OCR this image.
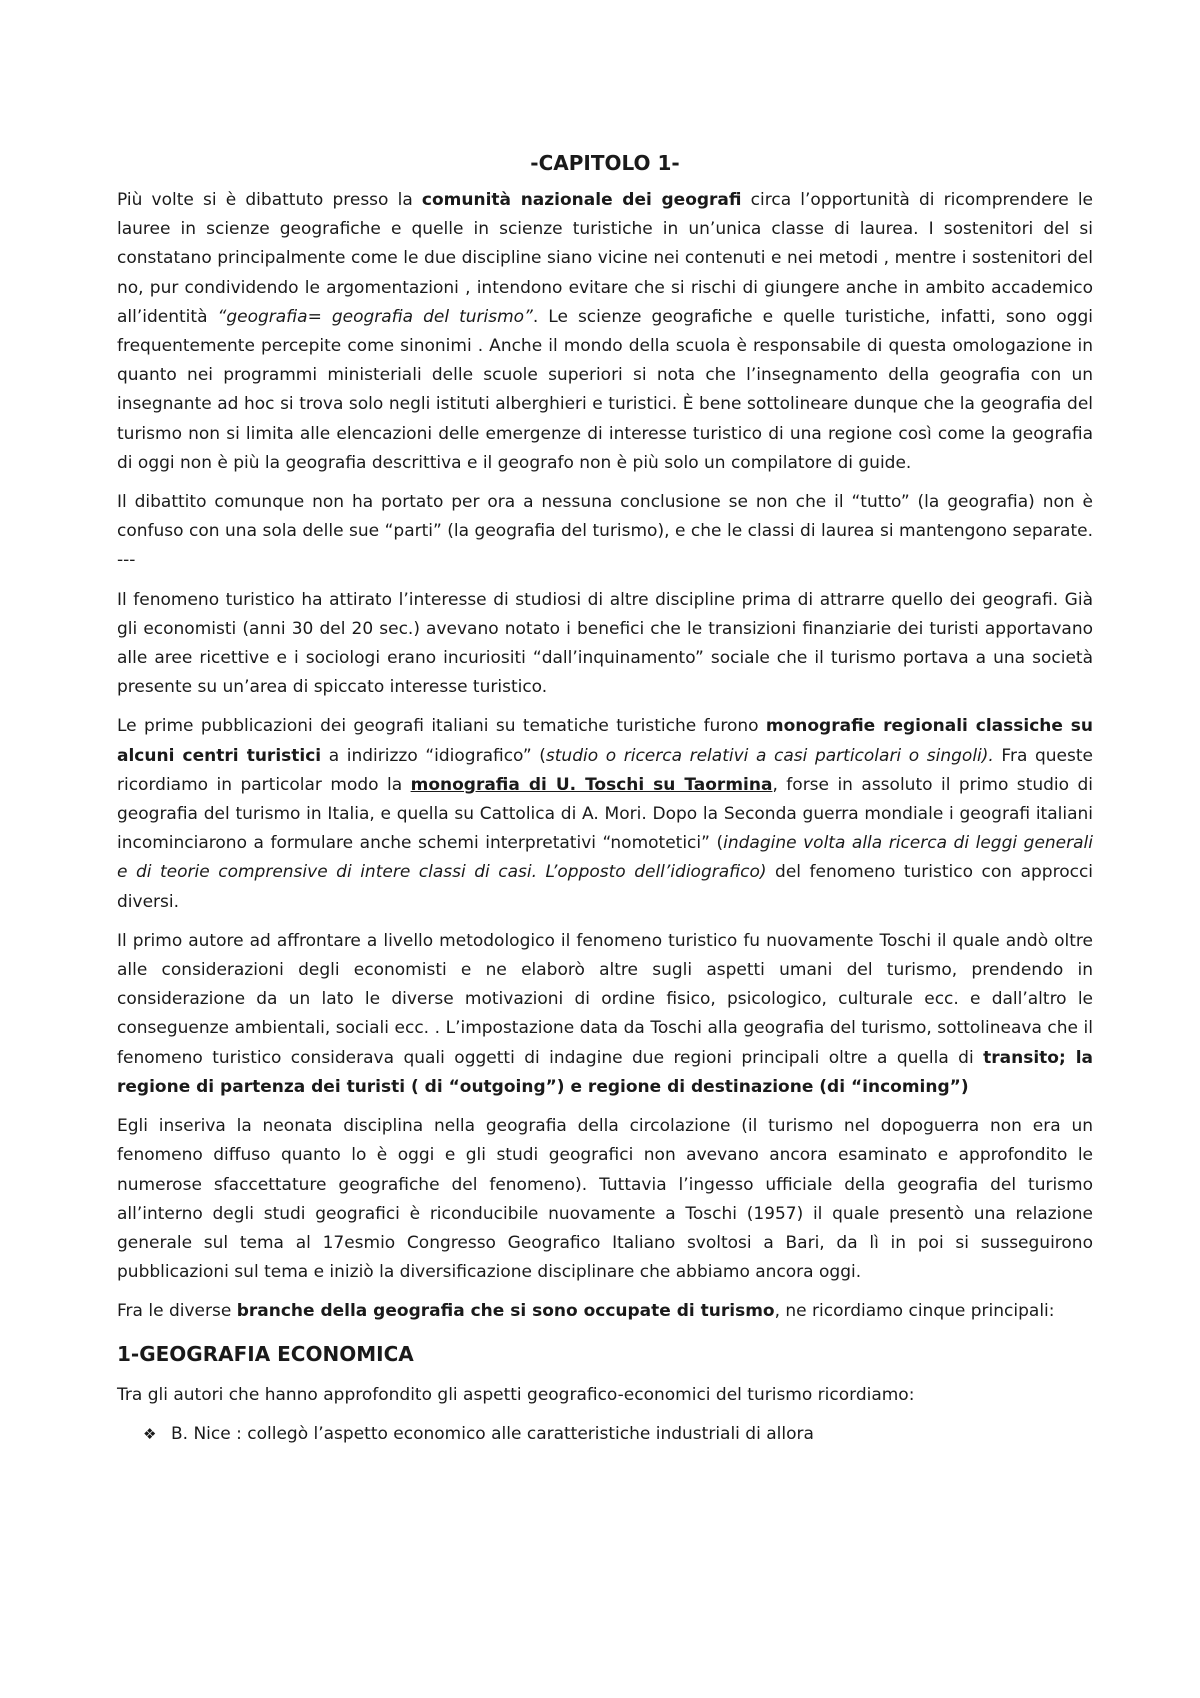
-CAPITOLO 1-
Più volte si è dibattuto presso la comunità nazionale dei geografi circa l’opportunità di ricomprendere le lauree in scienze geografiche e quelle in scienze turistiche in un’unica classe di laurea. I sostenitori del si constatano principalmente come le due discipline siano vicine nei contenuti e nei metodi , mentre i sostenitori del no, pur condividendo le argomentazioni , intendono evitare che si rischi di giungere anche in ambito accademico all’identità “geografia= geografia del turismo”. Le scienze geografiche e quelle turistiche, infatti, sono oggi frequentemente percepite come sinonimi . Anche il mondo della scuola è responsabile di questa omologazione in quanto nei programmi ministeriali delle scuole superiori si nota che l’insegnamento della geografia con un insegnante ad hoc si trova solo negli istituti alberghieri e turistici. È bene sottolineare dunque che la geografia del turismo non si limita alle elencazioni delle emergenze di interesse turistico di una regione così come la geografia di oggi non è più la geografia descrittiva e il geografo non è più solo un compilatore di guide.
Il dibattito comunque non ha portato per ora a nessuna conclusione se non che il “tutto” (la geografia) non è confuso con una sola delle sue “parti” (la geografia del turismo), e che le classi di laurea si mantengono separate. ---
Il fenomeno turistico ha attirato l’interesse di studiosi di altre discipline prima di attrarre quello dei geografi. Già gli economisti (anni 30 del 20 sec.) avevano notato i benefici che le transizioni finanziarie dei turisti apportavano alle aree ricettive e i sociologi erano incuriositi “dall’inquinamento” sociale che il turismo portava a una società presente su un’area di spiccato interesse turistico.
Le prime pubblicazioni dei geografi italiani su tematiche turistiche furono monografie regionali classiche su alcuni centri turistici a indirizzo “idiografico” (studio o ricerca relativi a casi particolari o singoli). Fra queste ricordiamo in particolar modo la monografia di U. Toschi su Taormina, forse in assoluto il primo studio di geografia del turismo in Italia, e quella su Cattolica di A. Mori. Dopo la Seconda guerra mondiale i geografi italiani incominciarono a formulare anche schemi interpretativi “nomotetici” (indagine volta alla ricerca di leggi generali e di teorie comprensive di intere classi di casi. L’opposto dell’idiografico) del fenomeno turistico con approcci diversi.
Il primo autore ad affrontare a livello metodologico il fenomeno turistico fu nuovamente Toschi il quale andò oltre alle considerazioni degli economisti e ne elaborò altre sugli aspetti umani del turismo, prendendo in considerazione da un lato le diverse motivazioni di ordine fisico, psicologico, culturale ecc. e dall’altro le conseguenze ambientali, sociali ecc. . L’impostazione data da Toschi alla geografia del turismo, sottolineava che il fenomeno turistico considerava quali oggetti di indagine due regioni principali oltre a quella di transito; la regione di partenza dei turisti ( di “outgoing”) e regione di destinazione (di “incoming”)
Egli inseriva la neonata disciplina nella geografia della circolazione (il turismo nel dopoguerra non era un fenomeno diffuso quanto lo è oggi e gli studi geografici non avevano ancora esaminato e approfondito le numerose sfaccettature geografiche del fenomeno). Tuttavia l’ingesso ufficiale della geografia del turismo all’interno degli studi geografici è riconducibile nuovamente a Toschi (1957) il quale presentò una relazione generale sul tema al 17esmio Congresso Geografico Italiano svoltosi a Bari, da lì in poi si susseguirono pubblicazioni sul tema e iniziò la diversificazione disciplinare che abbiamo ancora oggi.
Fra le diverse branche della geografia che si sono occupate di turismo, ne ricordiamo cinque principali:
1-GEOGRAFIA ECONOMICA
Tra gli autori che hanno approfondito gli aspetti geografico-economici del turismo ricordiamo:
❖ B. Nice : collegò l’aspetto economico alle caratteristiche industriali di allora
